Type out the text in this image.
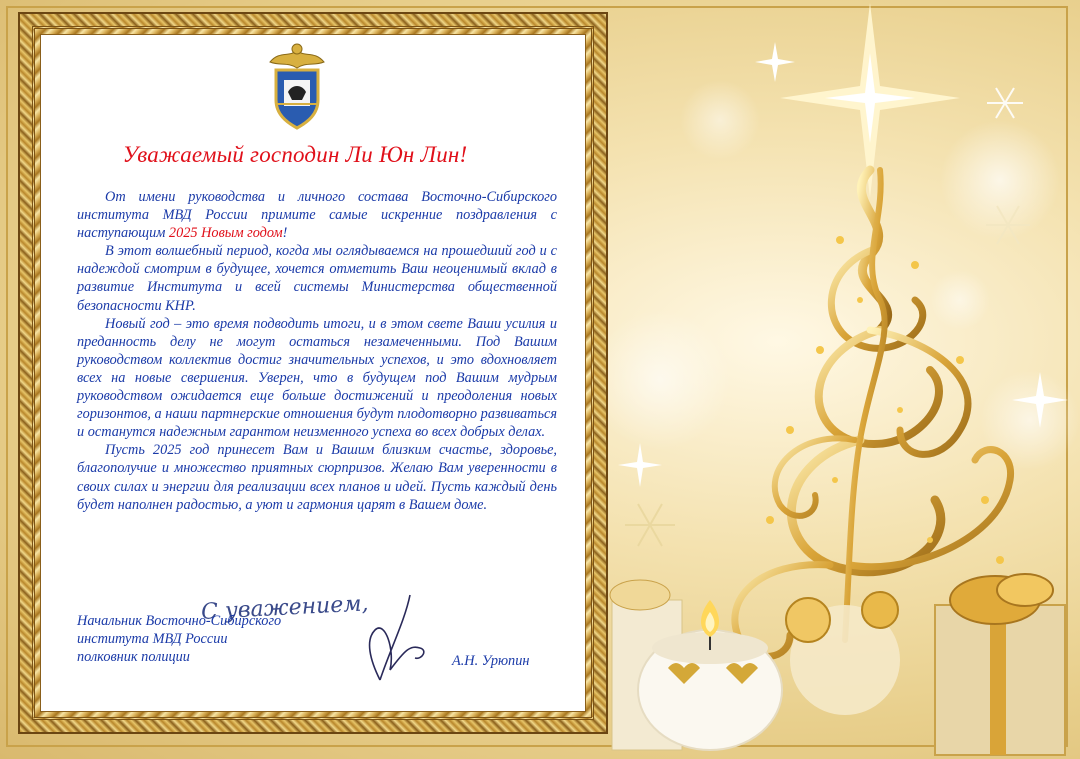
Уважаемый господин Ли Юн Лин!

От имени руководства и личного состава Восточно-Сибирского института МВД России примите самые искренние поздравления с наступающим 2025 Новым годом!

В этот волшебный период, когда мы оглядываемся на прошедший год и с надеждой смотрим в будущее, хочется отметить Ваш неоценимый вклад в развитие Института и всей системы Министерства общественной безопасности КНР.

Новый год – это время подводить итоги, и в этом свете Ваши усилия и преданность делу не могут остаться незамеченными. Под Вашим руководством коллектив достиг значительных успехов, и это вдохновляет всех на новые свершения. Уверен, что в будущем под Вашим мудрым руководством ожидается еще больше достижений и преодоления новых горизонтов, а наши партнерские отношения будут плодотворно развиваться и останутся надежным гарантом неизменного успеха во всех добрых делах.

Пусть 2025 год принесет Вам и Вашим близким счастье, здоровье, благополучие и множество приятных сюрпризов. Желаю Вам уверенности в своих силах и энергии для реализации всех планов и идей. Пусть каждый день будет наполнен радостью, а уют и гармония царят в Вашем доме.

С уважением,
Начальник Восточно-Сибирского
института МВД России
полковник полиции	А.Н. Урюпин
